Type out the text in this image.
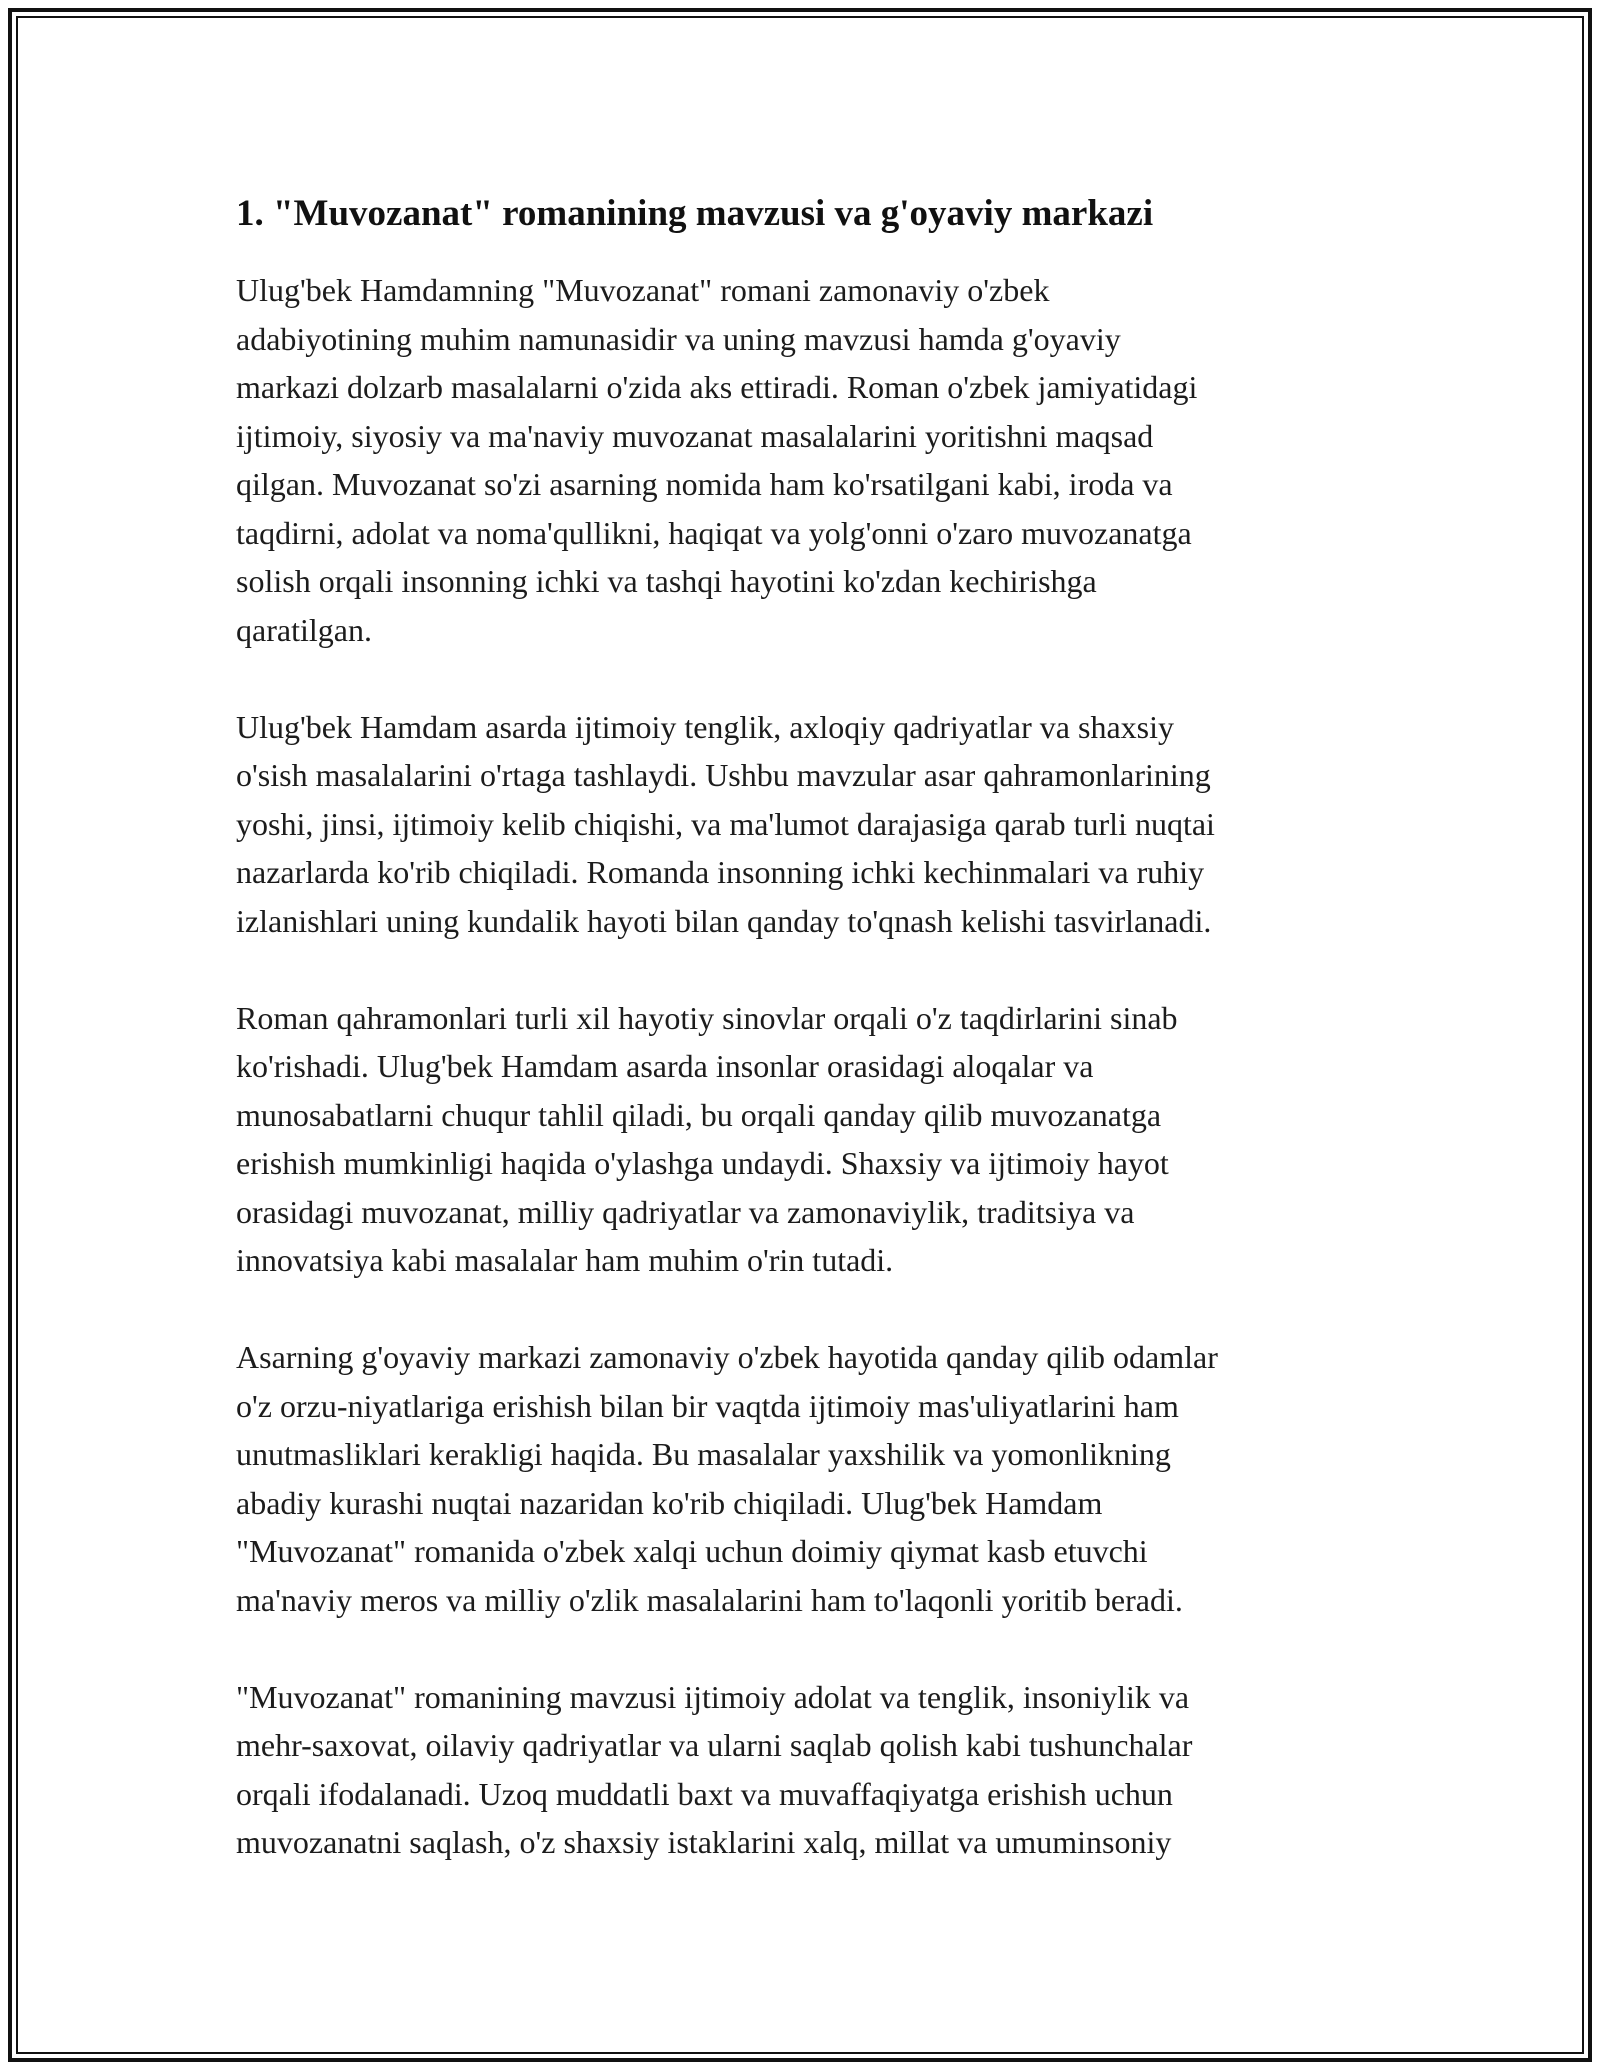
1. "Muvozanat" romanining mavzusi va g'oyaviy markazi

Ulug'bek Hamdamning "Muvozanat" romani zamonaviy o'zbek
adabiyotining muhim namunasidir va uning mavzusi hamda g'oyaviy
markazi dolzarb masalalarni o'zida aks ettiradi. Roman o'zbek jamiyatidagi
ijtimoiy, siyosiy va ma'naviy muvozanat masalalarini yoritishni maqsad
qilgan. Muvozanat so'zi asarning nomida ham ko'rsatilgani kabi, iroda va
taqdirni, adolat va noma'qullikni, haqiqat va yolg'onni o'zaro muvozanatga
solish orqali insonning ichki va tashqi hayotini ko'zdan kechirishga
qaratilgan.

Ulug'bek Hamdam asarda ijtimoiy tenglik, axloqiy qadriyatlar va shaxsiy
o'sish masalalarini o'rtaga tashlaydi. Ushbu mavzular asar qahramonlarining
yoshi, jinsi, ijtimoiy kelib chiqishi, va ma'lumot darajasiga qarab turli nuqtai
nazarlarda ko'rib chiqiladi. Romanda insonning ichki kechinmalari va ruhiy
izlanishlari uning kundalik hayoti bilan qanday to'qnash kelishi tasvirlanadi.

Roman qahramonlari turli xil hayotiy sinovlar orqali o'z taqdirlarini sinab
ko'rishadi. Ulug'bek Hamdam asarda insonlar orasidagi aloqalar va
munosabatlarni chuqur tahlil qiladi, bu orqali qanday qilib muvozanatga
erishish mumkinligi haqida o'ylashga undaydi. Shaxsiy va ijtimoiy hayot
orasidagi muvozanat, milliy qadriyatlar va zamonaviylik, traditsiya va
innovatsiya kabi masalalar ham muhim o'rin tutadi.

Asarning g'oyaviy markazi zamonaviy o'zbek hayotida qanday qilib odamlar
o'z orzu-niyatlariga erishish bilan bir vaqtda ijtimoiy mas'uliyatlarini ham
unutmasliklari kerakligi haqida. Bu masalalar yaxshilik va yomonlikning
abadiy kurashi nuqtai nazaridan ko'rib chiqiladi. Ulug'bek Hamdam
"Muvozanat" romanida o'zbek xalqi uchun doimiy qiymat kasb etuvchi
ma'naviy meros va milliy o'zlik masalalarini ham to'laqonli yoritib beradi.

"Muvozanat" romanining mavzusi ijtimoiy adolat va tenglik, insoniylik va
mehr-saxovat, oilaviy qadriyatlar va ularni saqlab qolish kabi tushunchalar
orqali ifodalanadi. Uzoq muddatli baxt va muvaffaqiyatga erishish uchun
muvozanatni saqlash, o'z shaxsiy istaklarini xalq, millat va umuminsoniy
